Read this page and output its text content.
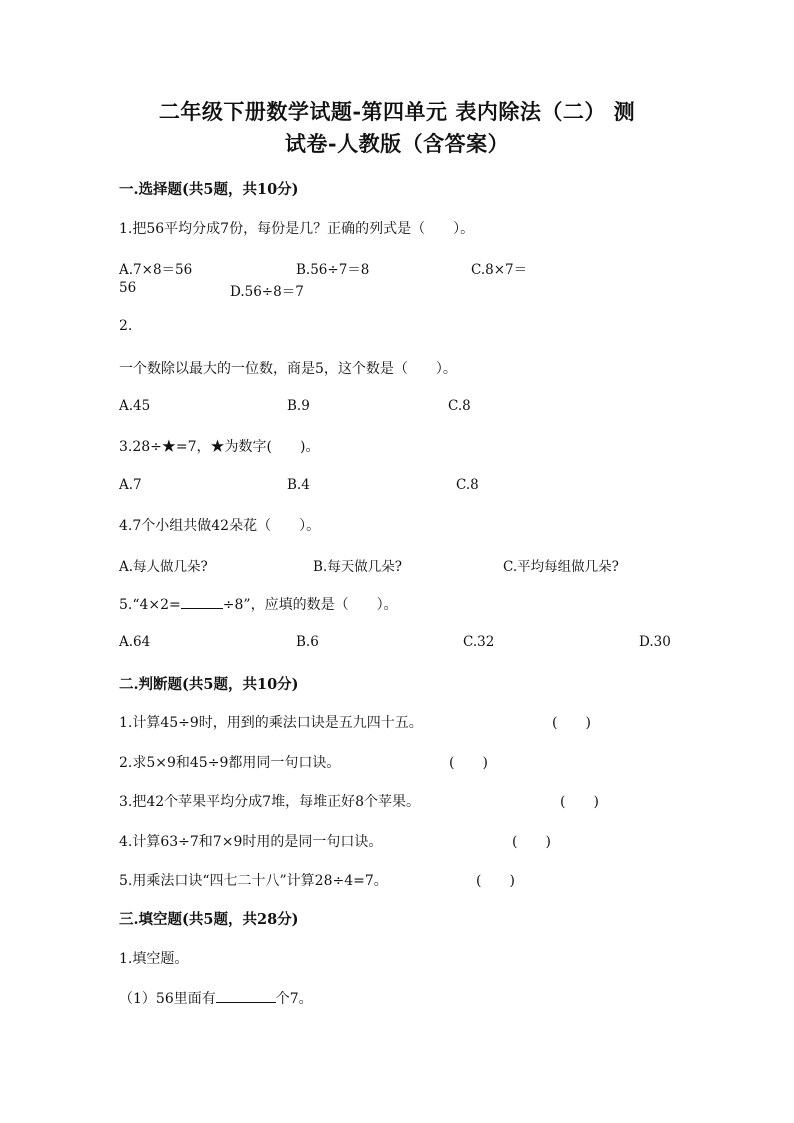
二年级下册数学试题-第四单元 表内除法（二） 测
试卷-人教版（含答案）
一.选择题(共5题，共10分)
1.把56平均分成7份，每份是几？正确的列式是（　　）。
A.7×8＝56	B.56÷7＝8	C.8×7＝
56	D.56÷8＝7
2.
一个数除以最大的一位数，商是5，这个数是（　　）。
A.45	B.9	C.8
3.28÷★=7，★为数字(　　)。
A.7	B.4	C.8
4.7个小组共做42朵花（　　）。
A.每人做几朵?	B.每天做几朵?	C.平均每组做几朵?
5.“4×2=	÷8”，应填的数是（　　）。
A.64	B.6	C.32	D.30
二.判断题(共5题，共10分)
1.计算45÷9时，用到的乘法口诀是五九四十五。	(　　)
2.求5×9和45÷9都用同一句口诀。	(　　)
3.把42个苹果平均分成7堆，每堆正好8个苹果。	(　　)
4.计算63÷7和7×9时用的是同一句口诀。	(　　)
5.用乘法口诀“四七二十八”计算28÷4=7。	(　　)
三.填空题(共5题，共28分)
1.填空题。
（1）56里面有	个7。
